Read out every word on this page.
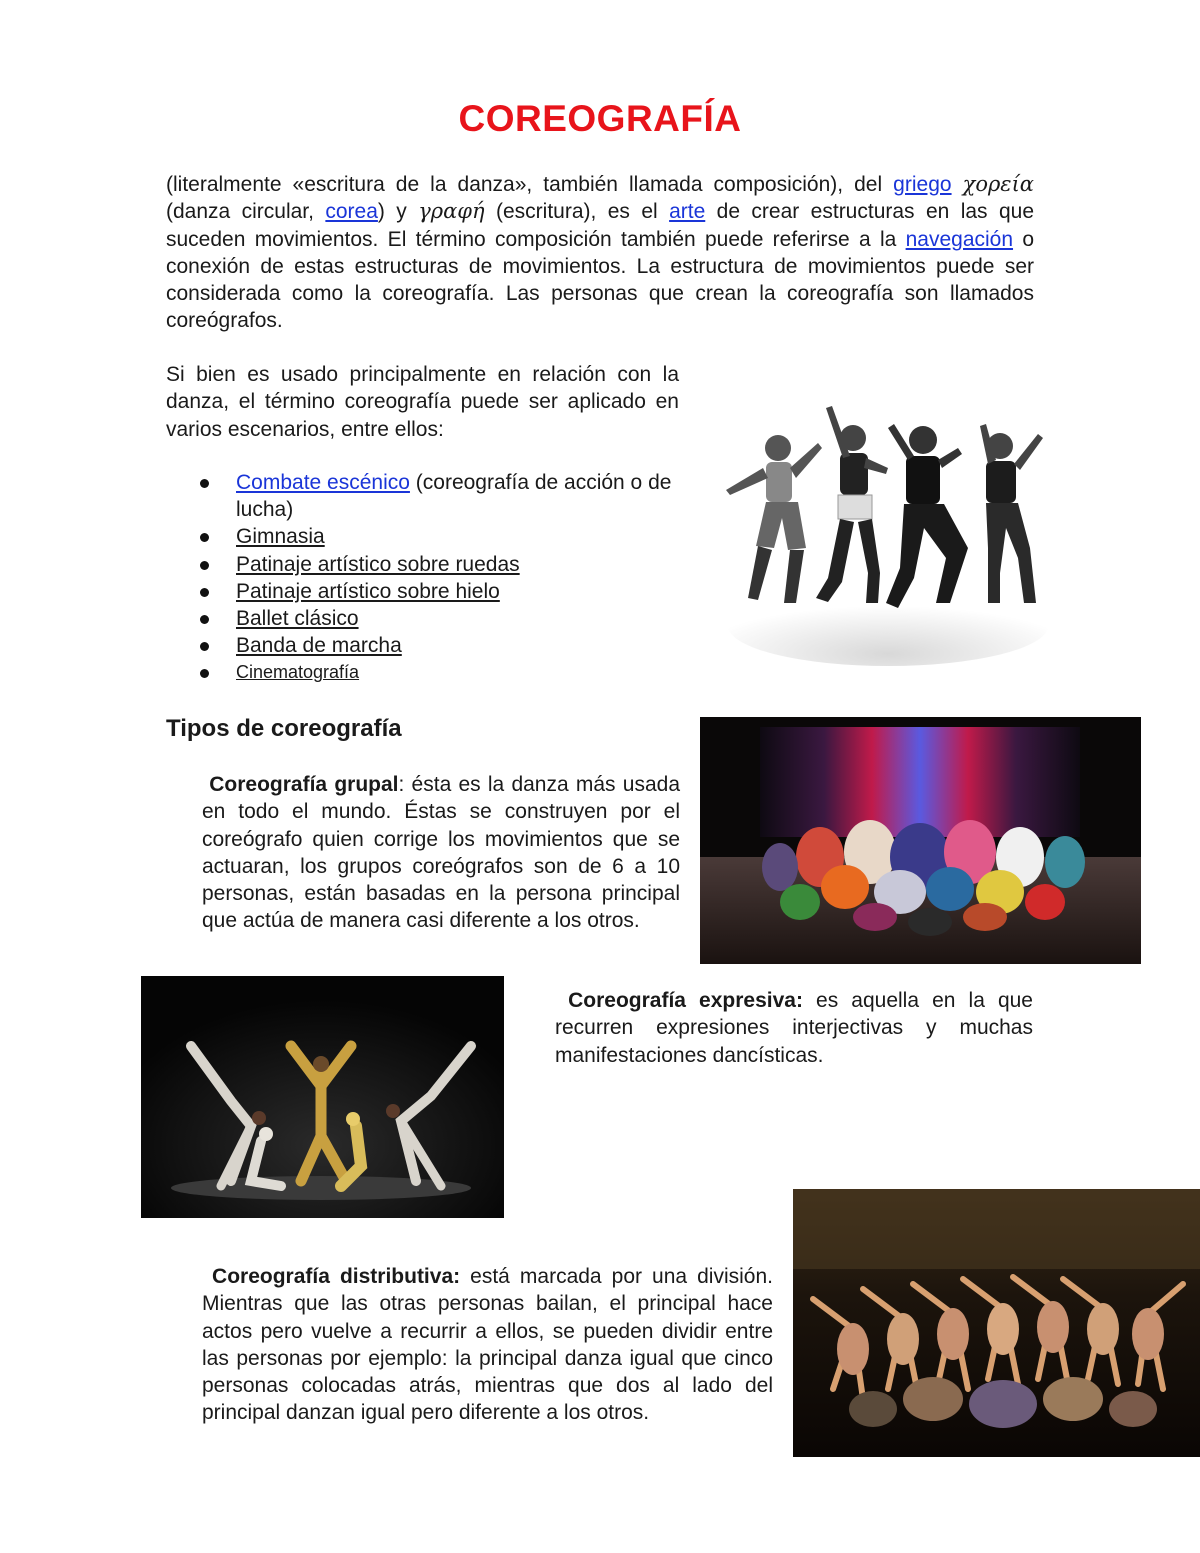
COREOGRAFÍA

(literalmente «escritura de la danza», también llamada composición), del griego χορεία (danza circular, corea) y γραφή (escritura), es el arte de crear estructuras en las que suceden movimientos. El término composición también puede referirse a la navegación o conexión de estas estructuras de movimientos. La estructura de movimientos puede ser considerada como la coreografía. Las personas que crean la coreografía son llamados coreógrafos.

Si bien es usado principalmente en relación con la danza, el término coreografía puede ser aplicado en varios escenarios, entre ellos:

Combate escénico (coreografía de acción o de lucha)
Gimnasia
Patinaje artístico sobre ruedas
Patinaje artístico sobre hielo
Ballet clásico
Banda de marcha
Cinematografía
Tipos de coreografía

Coreografía grupal: ésta es la danza más usada en todo el mundo. Éstas se construyen por el coreógrafo quien corrige los movimientos que se actuaran, los grupos coreógrafos son de 6 a 10 personas, están basadas en la persona principal que actúa de manera casi diferente a los otros.

Coreografía expresiva: es aquella en la que recurren expresiones interjectivas y muchas manifestaciones dancísticas.

Coreografía distributiva: está marcada por una división. Mientras que las otras personas bailan, el principal hace actos pero vuelve a recurrir a ellos, se pueden dividir entre las personas por ejemplo: la principal danza igual que cinco personas colocadas atrás, mientras que dos al lado del principal danzan igual pero diferente a los otros.
